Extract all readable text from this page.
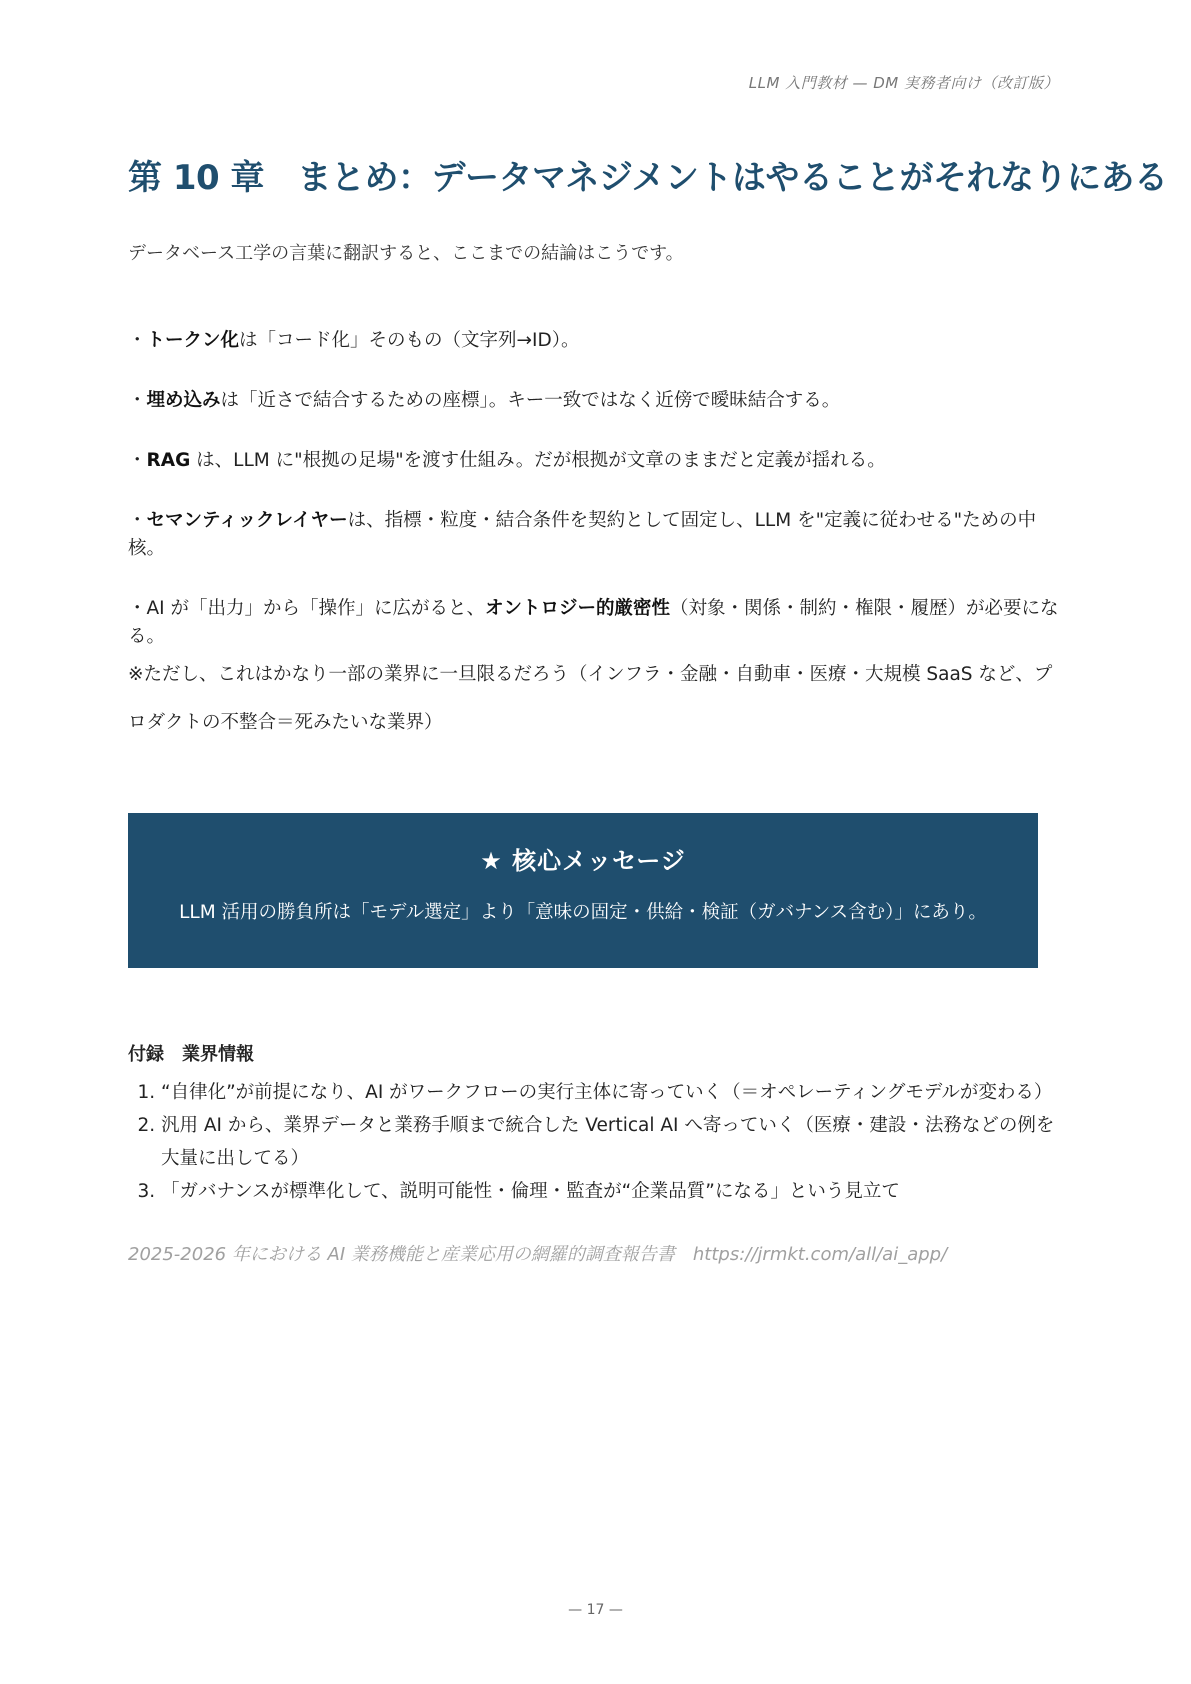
LLM 入門教材 — DM 実務者向け（改訂版）
第 10 章　まとめ：データマネジメントはやることがそれなりにある

データベース工学の言葉に翻訳すると、ここまでの結論はこうです。

・トークン化は「コード化」そのもの（文字列→ID）。
・埋め込みは「近さで結合するための座標」。キー一致ではなく近傍で曖昧結合する。
・RAG は、LLM に"根拠の足場"を渡す仕組み。だが根拠が文章のままだと定義が揺れる。
・セマンティックレイヤーは、指標・粒度・結合条件を契約として固定し、LLM を"定義に従わせる"ための中核。
・AI が「出力」から「操作」に広がると、オントロジー的厳密性（対象・関係・制約・権限・履歴）が必要になる。

※ただし、これはかなり一部の業界に一旦限るだろう（インフラ・金融・自動車・医療・大規模 SaaS など、プロダクトの不整合＝死みたいな業界）

★ 核心メッセージ
LLM 活用の勝負所は「モデル選定」より「意味の固定・供給・検証（ガバナンス含む）」にあり。
付録　業界情報
1. “自律化”が前提になり、AI がワークフローの実行主体に寄っていく（＝オペレーティングモデルが変わる）
2. 汎用 AI から、業界データと業務手順まで統合した Vertical AI へ寄っていく（医療・建設・法務などの例を大量に出してる）
3. 「ガバナンスが標準化して、説明可能性・倫理・監査が“企業品質”になる」という見立て
2025-2026 年における AI 業務機能と産業応用の網羅的調査報告書　https://jrmkt.com/all/ai_app/
— 17 —
